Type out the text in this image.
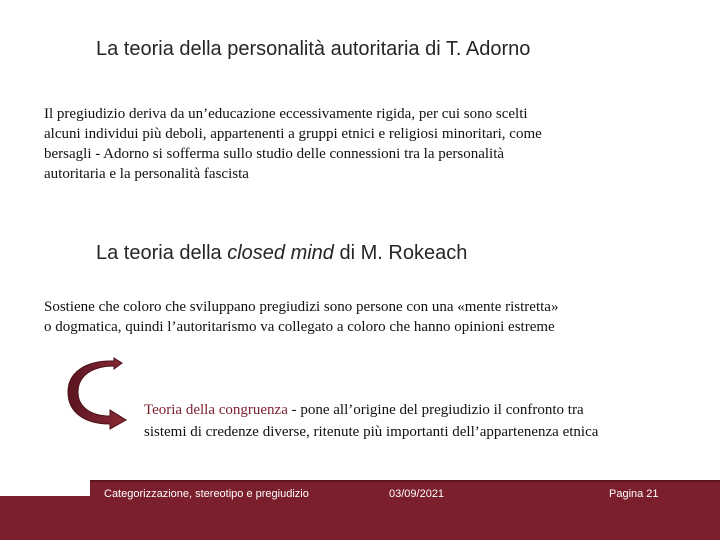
La teoria della personalità autoritaria di T. Adorno
Il pregiudizio deriva da un’educazione eccessivamente rigida, per cui sono scelti
alcuni individui più deboli, appartenenti a gruppi etnici e religiosi minoritari, come
bersagli - Adorno si sofferma sullo studio delle connessioni tra la personalità
autoritaria e la personalità fascista
La teoria della closed mind di M. Rokeach
Sostiene che coloro che sviluppano pregiudizi sono persone con una «mente ristretta»
o dogmatica, quindi l’autoritarismo va collegato a coloro che hanno opinioni estreme
Teoria della congruenza - pone all’origine del pregiudizio il confronto tra
sistemi di credenze diverse, ritenute più importanti dell’appartenenza etnica
Categorizzazione, stereotipo e pregiudizio	03/09/2021	Pagina 21
